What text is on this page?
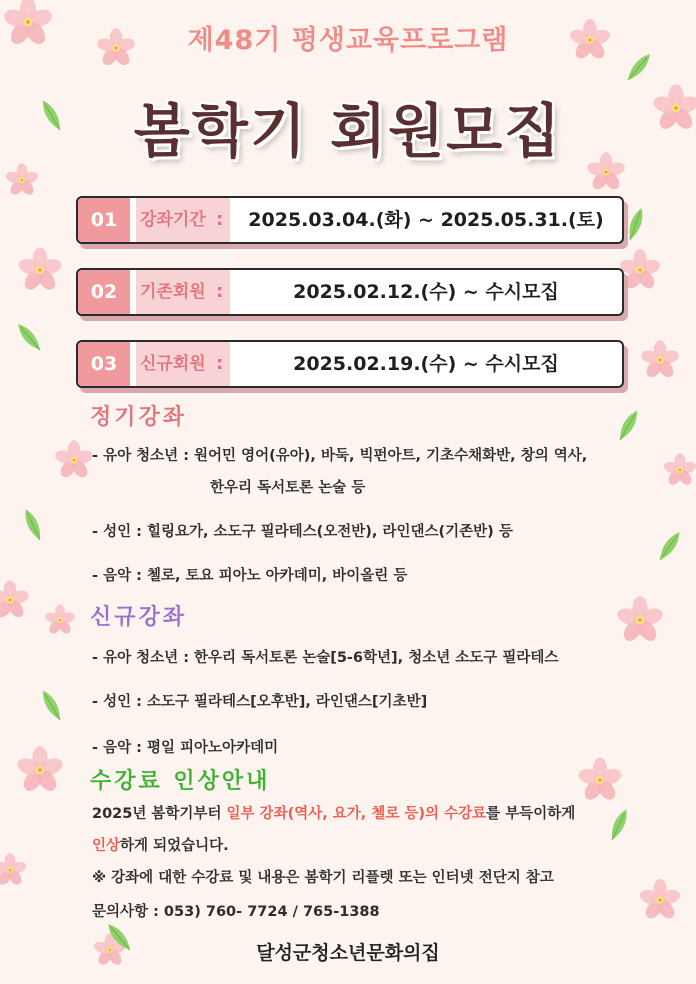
제48기 평생교육프로그램
봄학기 회원모집
01	강좌기간 :	2025.03.04.(화) ~ 2025.05.31.(토)
02	기존회원 :	2025.02.12.(수) ~ 수시모집
03	신규회원 :	2025.02.19.(수) ~ 수시모집
정기강좌
- 유아 청소년 : 원어민 영어(유아), 바둑, 빅펀아트, 기초수채화반, 창의 역사,
한우리 독서토론 논술 등
- 성인 : 힐링요가, 소도구 필라테스(오전반), 라인댄스(기존반) 등
- 음악 : 첼로, 토요 피아노 아카데미, 바이올린 등
신규강좌
- 유아 청소년 : 한우리 독서토론 논술[5-6학년], 청소년 소도구 필라테스
- 성인 : 소도구 필라테스[오후반], 라인댄스[기초반]
- 음악 : 평일 피아노아카데미
수강료 인상안내
2025년 봄학기부터 일부 강좌(역사, 요가, 첼로 등)의 수강료를 부득이하게
인상하게 되었습니다.
※ 강좌에 대한 수강료 및 내용은 봄학기 리플렛 또는 인터넷 전단지 참고
문의사항 : 053) 760- 7724 / 765-1388
달성군청소년문화의집
